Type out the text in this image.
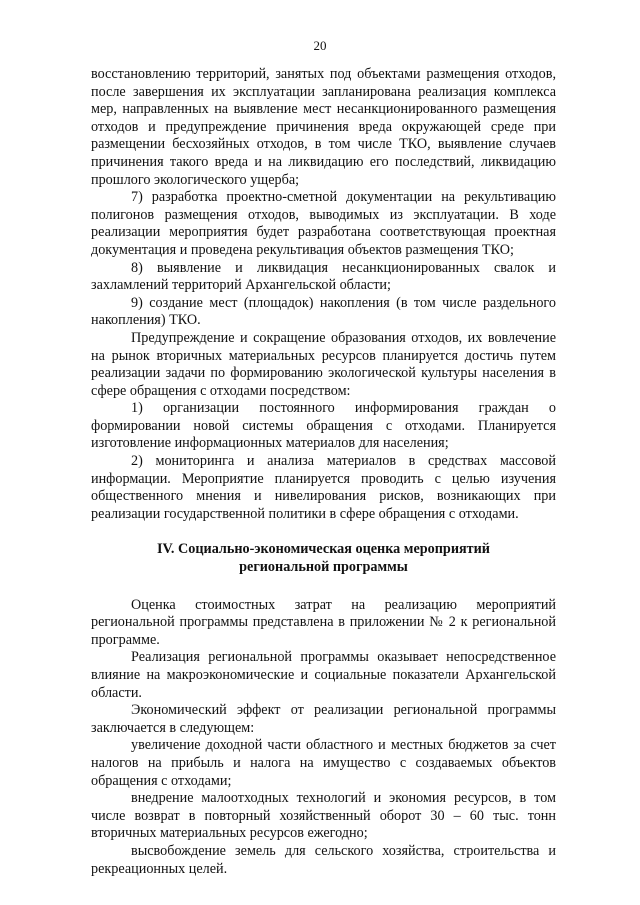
20

восстановлению территорий, занятых под объектами размещения отходов, после завершения их эксплуатации запланирована реализация комплекса мер, направленных на выявление мест несанкционированного размещения отходов и предупреждение причинения вреда окружающей среде при размещении бесхозяйных отходов, в том числе ТКО, выявление случаев причинения такого вреда и на ликвидацию его последствий, ликвидацию прошлого экологического ущерба;

7) разработка проектно-сметной документации на рекультивацию полигонов размещения отходов, выводимых из эксплуатации. В ходе реализации мероприятия будет разработана соответствующая проектная документация и проведена рекультивация объектов размещения ТКО;

8) выявление и ликвидация несанкционированных свалок и захламлений территорий Архангельской области;

9) создание мест (площадок) накопления (в том числе раздельного накопления) ТКО.

Предупреждение и сокращение образования отходов, их вовлечение на рынок вторичных материальных ресурсов планируется достичь путем реализации задачи по формированию экологической культуры населения в сфере обращения с отходами посредством:

1) организации постоянного информирования граждан о формировании новой системы обращения с отходами. Планируется изготовление информационных материалов для населения;

2) мониторинга и анализа материалов в средствах массовой информации. Мероприятие планируется проводить с целью изучения общественного мнения и нивелирования рисков, возникающих при реализации государственной политики в сфере обращения с отходами.

IV. Социально-экономическая оценка мероприятий
региональной программы

Оценка стоимостных затрат на реализацию мероприятий региональной программы представлена в приложении № 2 к региональной программе.

Реализация региональной программы оказывает непосредственное влияние на макроэкономические и социальные показатели Архангельской области.

Экономический эффект от реализации региональной программы заключается в следующем:

увеличение доходной части областного и местных бюджетов за счет налогов на прибыль и налога на имущество с создаваемых объектов обращения с отходами;

внедрение малоотходных технологий и экономия ресурсов, в том числе возврат в повторный хозяйственный оборот 30 – 60 тыс. тонн вторичных материальных ресурсов ежегодно;

высвобождение земель для сельского хозяйства, строительства и рекреационных целей.
